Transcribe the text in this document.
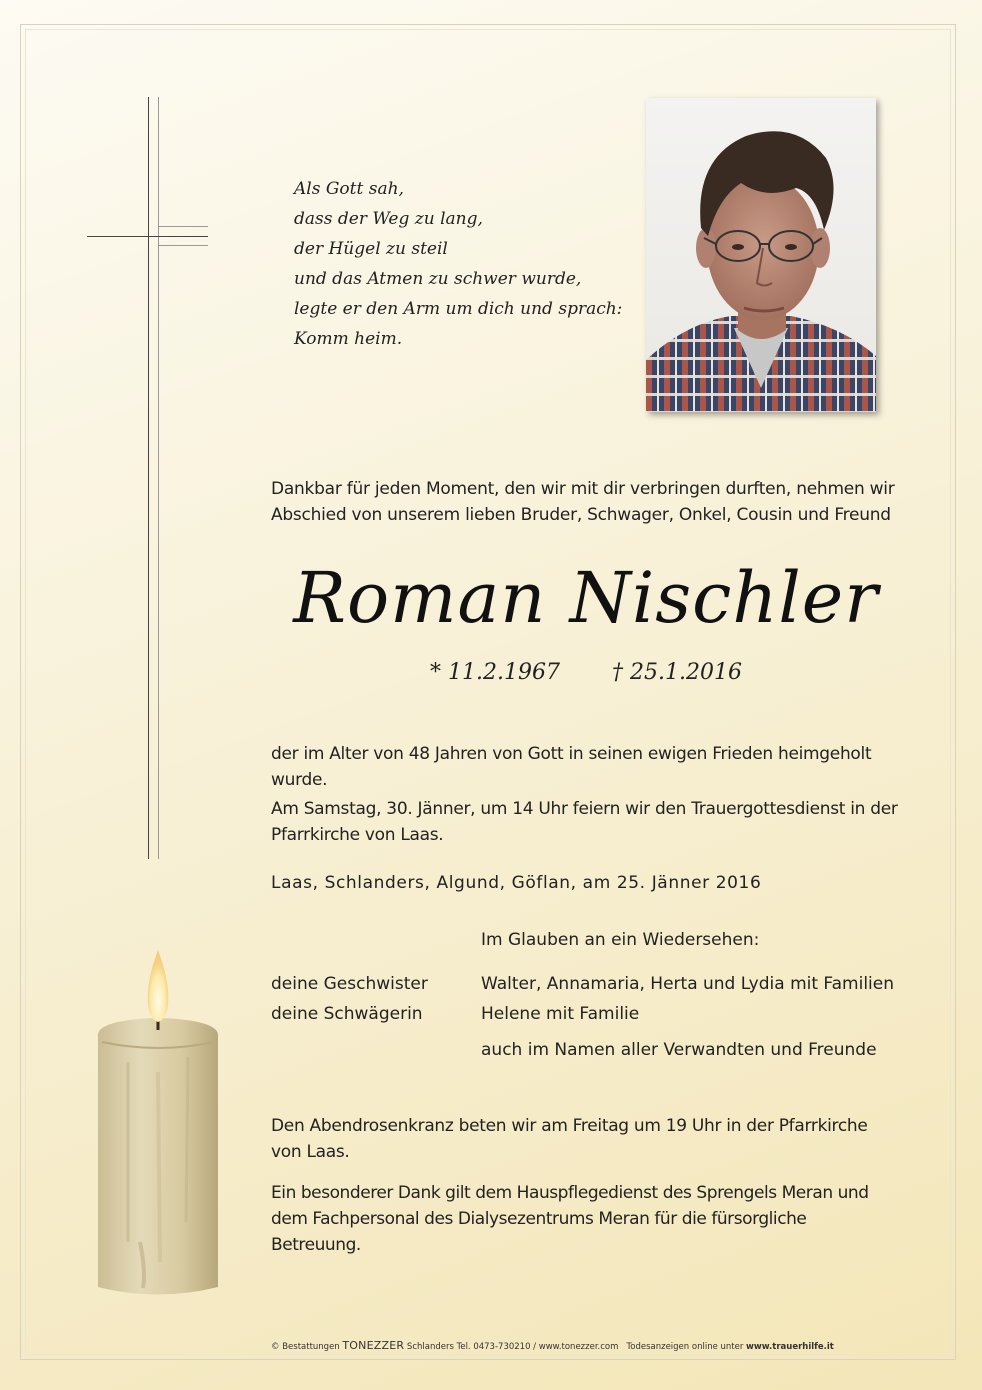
Als Gott sah,
dass der Weg zu lang,
der Hügel zu steil
und das Atmen zu schwer wurde,
legte er den Arm um dich und sprach:
Komm heim.
Dankbar für jeden Moment, den wir mit dir verbringen durften, nehmen wir Abschied von unserem lieben Bruder, Schwager, Onkel, Cousin und Freund
Roman Nischler
* 11.2.1967 † 25.1.2016
der im Alter von 48 Jahren von Gott in seinen ewigen Frieden heimgeholt wurde.
Am Samstag, 30. Jänner, um 14 Uhr feiern wir den Trauergottesdienst in der Pfarrkirche von Laas.
Laas, Schlanders, Algund, Göflan, am 25. Jänner 2016
Im Glauben an ein Wiedersehen:
deine Geschwister	Walter, Annamaria, Herta und Lydia mit Familien
deine Schwägerin	Helene mit Familie
auch im Namen aller Verwandten und Freunde
Den Abendrosenkranz beten wir am Freitag um 19 Uhr in der Pfarrkirche von Laas.
Ein besonderer Dank gilt dem Hauspflegedienst des Sprengels Meran und dem Fachpersonal des Dialysezentrums Meran für die fürsorgliche Betreuung.
© Bestattungen TONEZZER Schlanders Tel. 0473-730210 / www.tonezzer.com Todesanzeigen online unter www.trauerhilfe.it
